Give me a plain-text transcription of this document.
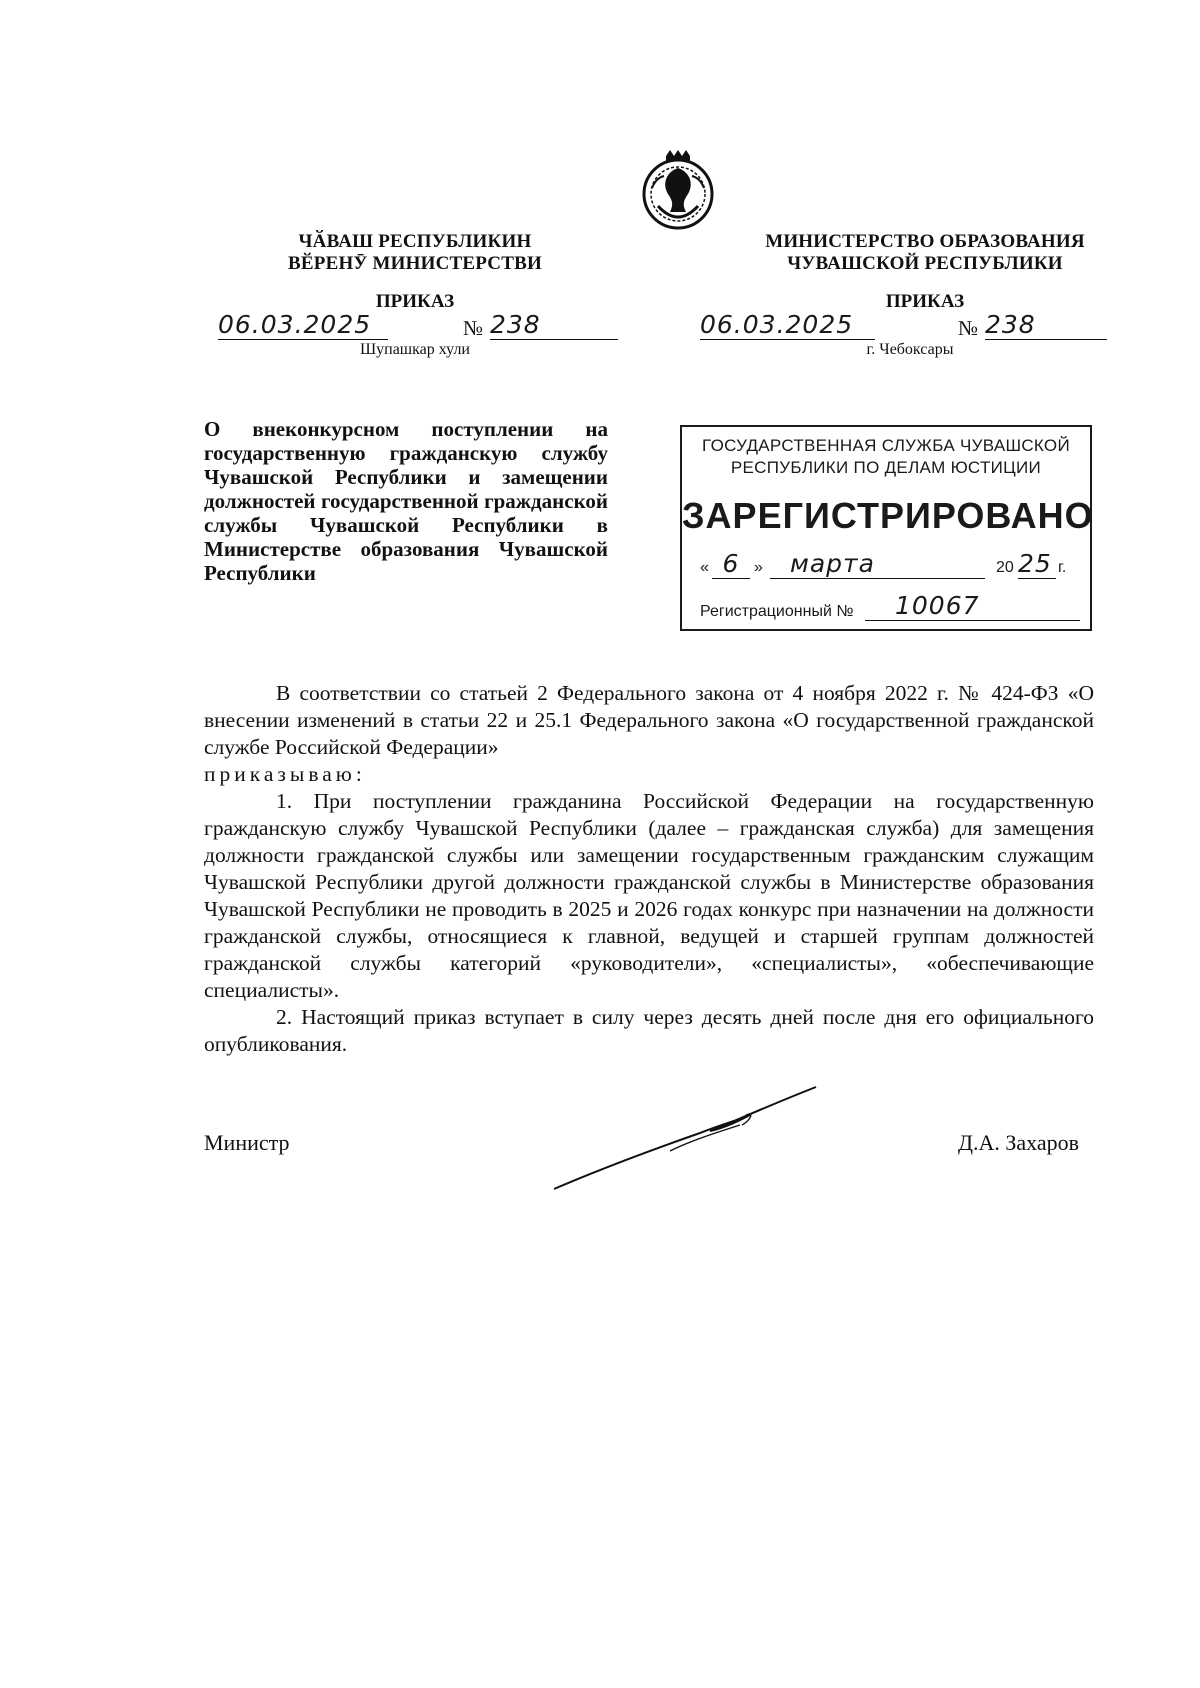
ЧӐВАШ РЕСПУБЛИКИН
ВӖРЕНӮ МИНИСТЕРСТВИ
ПРИКАЗ
06.03.2025	№ 238
Шупашкар хули
МИНИСТЕРСТВО ОБРАЗОВАНИЯ
ЧУВАШСКОЙ РЕСПУБЛИКИ
ПРИКАЗ
06.03.2025	№ 238
г. Чебоксары
О внеконкурсном поступлении на государственную гражданскую службу Чувашской Республики и замещении должностей государственной гражданской службы Чувашской Республики в Министерстве образования Чувашской Республики
ГОСУДАРСТВЕННАЯ СЛУЖБА ЧУВАШСКОЙ
РЕСПУБЛИКИ ПО ДЕЛАМ ЮСТИЦИИ
ЗАРЕГИСТРИРОВАНО
« 6 »	марта	20 25 г.
Регистрационный №	10067

В соответствии со статьей 2 Федерального закона от 4 ноября 2022 г. № 424-ФЗ «О внесении изменений в статьи 22 и 25.1 Федерального закона «О государственной гражданской службе Российской Федерации»

приказываю:

1. При поступлении гражданина Российской Федерации на государственную гражданскую службу Чувашской Республики (далее – гражданская служба) для замещения должности гражданской службы или замещении государственным гражданским служащим Чувашской Республики другой должности гражданской службы в Министерстве образования Чувашской Республики не проводить в 2025 и 2026 годах конкурс при назначении на должности гражданской службы, относящиеся к главной, ведущей и старшей группам должностей гражданской службы категорий «руководители», «специалисты», «обеспечивающие специалисты».

2. Настоящий приказ вступает в силу через десять дней после дня его официального опубликования.

Министр	Д.А. Захаров
